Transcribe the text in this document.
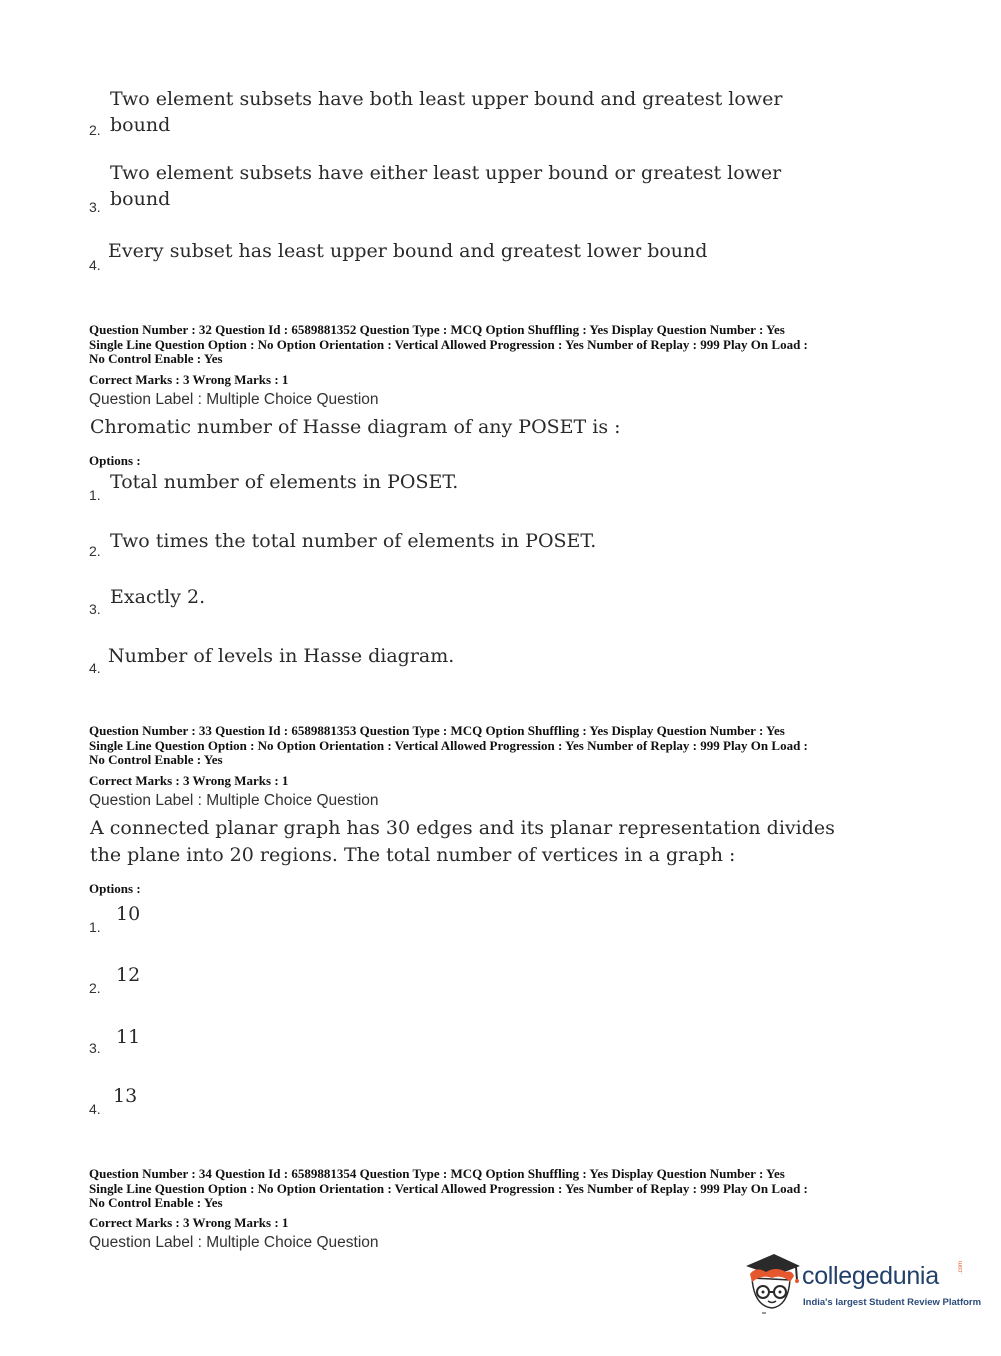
Two element subsets have both least upper bound and greatest lower
2. bound
Two element subsets have either least upper bound or greatest lower
3. bound
4.
Every subset has least upper bound and greatest lower bound
Question Number : 32 Question Id : 6589881352 Question Type : MCQ Option Shuffling : Yes Display Question Number : Yes
Single Line Question Option : No Option Orientation : Vertical Allowed Progression : Yes Number of Replay : 999 Play On Load :
No Control Enable : Yes
Correct Marks : 3 Wrong Marks : 1
Question Label : Multiple Choice Question
Chromatic number of Hasse diagram of any POSET is :
Options :
1.
Total number of elements in POSET.
2. Two times the total number of elements in POSET.
3.
Exactly 2.
4.
Number of levels in Hasse diagram.
Question Number : 33 Question Id : 6589881353 Question Type : MCQ Option Shuffling : Yes Display Question Number : Yes
Single Line Question Option : No Option Orientation : Vertical Allowed Progression : Yes Number of Replay : 999 Play On Load :
No Control Enable : Yes
Correct Marks : 3 Wrong Marks : 1
Question Label : Multiple Choice Question
A connected planar graph has 30 edges and its planar representation divides
the plane into 20 regions. The total number of vertices in a graph :
Options :
1.
10
2.
12
3. 11
4.
13
Question Number : 34 Question Id : 6589881354 Question Type : MCQ Option Shuffling : Yes Display Question Number : Yes
Single Line Question Option : No Option Orientation : Vertical Allowed Progression : Yes Number of Replay : 999 Play On Load :
No Control Enable : Yes
Correct Marks : 3 Wrong Marks : 1
Question Label : Multiple Choice Question
collegedunia	.com
India's largest Student Review Platform
